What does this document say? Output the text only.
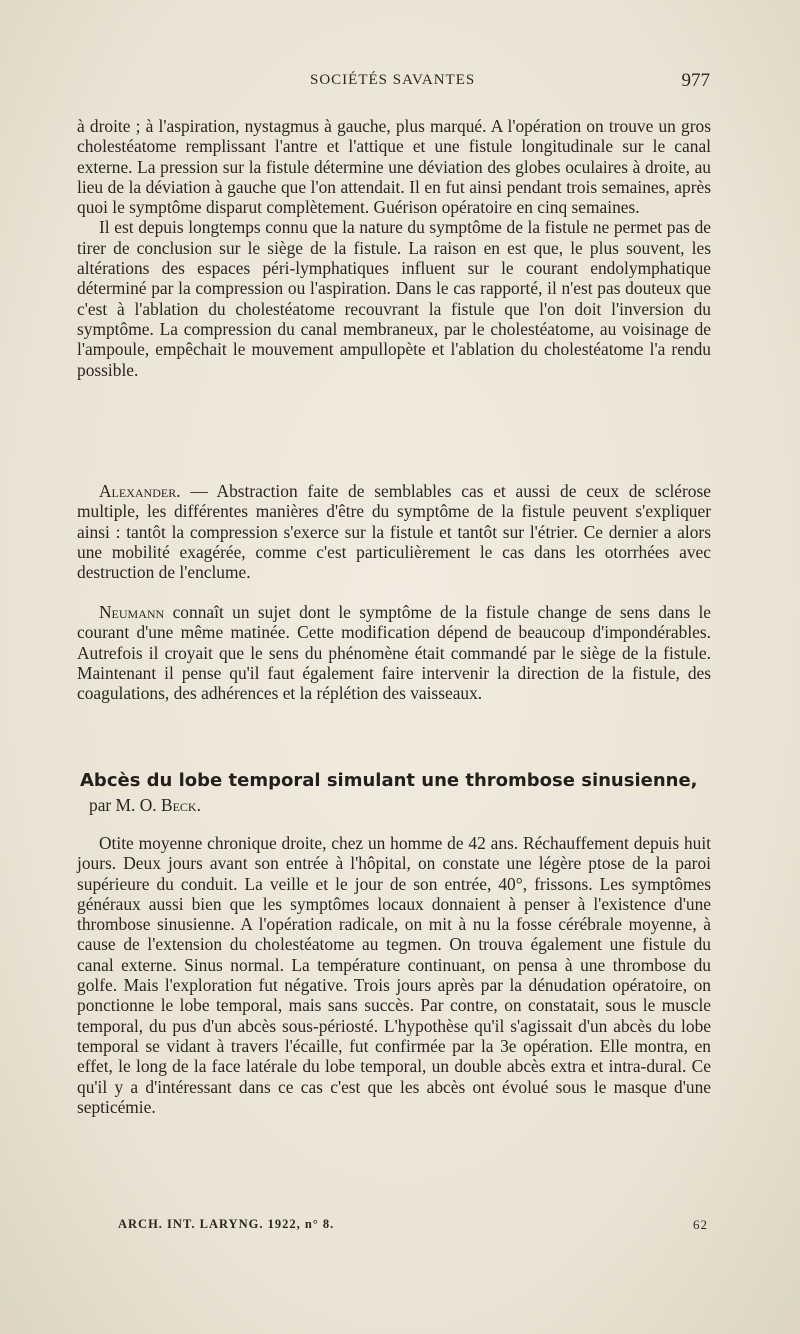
SOCIÉTÉS SAVANTES	977

à droite ; à l'aspiration, nystagmus à gauche, plus marqué. A l'opération on trouve un gros cholestéatome remplissant l'antre et l'attique et une fistule longitudinale sur le canal externe. La pression sur la fistule détermine une déviation des globes oculaires à droite, au lieu de la déviation à gauche que l'on attendait. Il en fut ainsi pendant trois semaines, après quoi le symptôme disparut complètement. Guérison opératoire en cinq semaines.

Il est depuis longtemps connu que la nature du symptôme de la fistule ne permet pas de tirer de conclusion sur le siège de la fistule. La raison en est que, le plus souvent, les altérations des espaces péri-lymphatiques influent sur le courant endolymphatique déterminé par la compression ou l'aspiration. Dans le cas rapporté, il n'est pas douteux que c'est à l'ablation du cholestéatome recouvrant la fistule que l'on doit l'inversion du symptôme. La compression du canal membraneux, par le cholestéatome, au voisinage de l'ampoule, empêchait le mouvement ampullopète et l'ablation du cholestéatome l'a rendu possible.

Alexander. — Abstraction faite de semblables cas et aussi de ceux de sclérose multiple, les différentes manières d'être du symptôme de la fistule peuvent s'expliquer ainsi : tantôt la compression s'exerce sur la fistule et tantôt sur l'étrier. Ce dernier a alors une mobilité exagérée, comme c'est particulièrement le cas dans les otorrhées avec destruction de l'enclume.

Neumann connaît un sujet dont le symptôme de la fistule change de sens dans le courant d'une même matinée. Cette modification dépend de beaucoup d'impondérables. Autrefois il croyait que le sens du phénomène était commandé par le siège de la fistule. Maintenant il pense qu'il faut également faire intervenir la direction de la fistule, des coagulations, des adhérences et la réplétion des vaisseaux.

Abcès du lobe temporal simulant une thrombose sinusienne,
par M. O. Beck.

Otite moyenne chronique droite, chez un homme de 42 ans. Réchauffement depuis huit jours. Deux jours avant son entrée à l'hôpital, on constate une légère ptose de la paroi supérieure du conduit. La veille et le jour de son entrée, 40°, frissons. Les symptômes généraux aussi bien que les symptômes locaux donnaient à penser à l'existence d'une thrombose sinusienne. A l'opération radicale, on mit à nu la fosse cérébrale moyenne, à cause de l'extension du cholestéatome au tegmen. On trouva également une fistule du canal externe. Sinus normal. La température continuant, on pensa à une thrombose du golfe. Mais l'exploration fut négative. Trois jours après par la dénudation opératoire, on ponctionne le lobe temporal, mais sans succès. Par contre, on constatait, sous le muscle temporal, du pus d'un abcès sous-périosté. L'hypothèse qu'il s'agissait d'un abcès du lobe temporal se vidant à travers l'écaille, fut confirmée par la 3e opération. Elle montra, en effet, le long de la face latérale du lobe temporal, un double abcès extra et intra-dural. Ce qu'il y a d'intéressant dans ce cas c'est que les abcès ont évolué sous le masque d'une septicémie.

ARCH. INT. LARYNG. 1922, n° 8.	62
